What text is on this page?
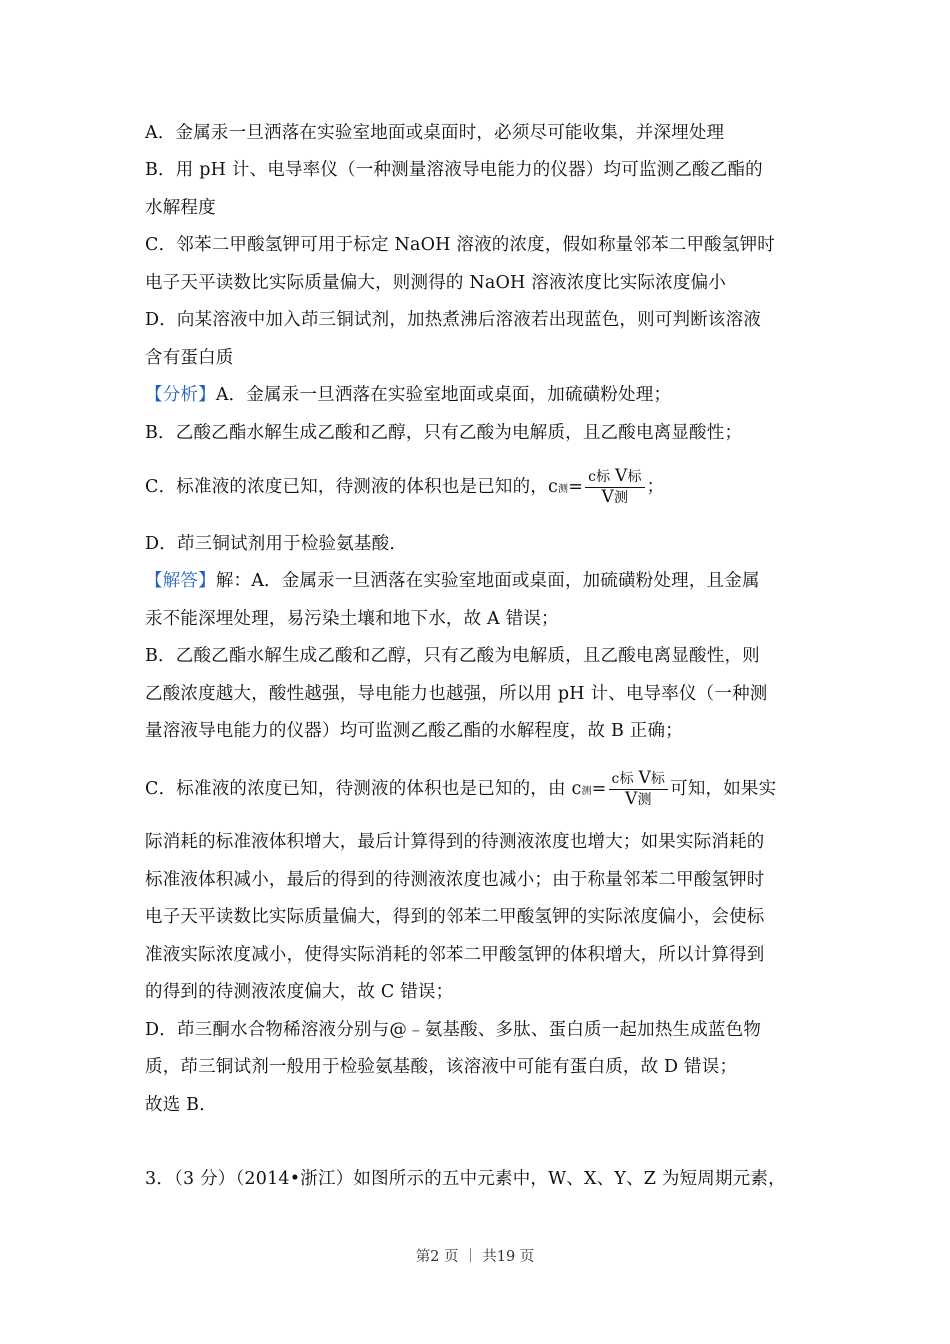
A．金属汞一旦洒落在实验室地面或桌面时，必须尽可能收集，并深埋处理
B．用 pH 计、电导率仪（一种测量溶液导电能力的仪器）均可监测乙酸乙酯的
水解程度
C．邻苯二甲酸氢钾可用于标定 NaOH 溶液的浓度，假如称量邻苯二甲酸氢钾时
电子天平读数比实际质量偏大，则测得的 NaOH 溶液浓度比实际浓度偏小
D．向某溶液中加入茚三铜试剂，加热煮沸后溶液若出现蓝色，则可判断该溶液
含有蛋白质
【分析】A．金属汞一旦洒落在实验室地面或桌面，加硫磺粉处理；
B．乙酸乙酯水解生成乙酸和乙醇，只有乙酸为电解质，且乙酸电离显酸性；
C．标准液的浓度已知，待测液的体积也是已知的，c测= $\frac{\text{c标 V标}}{\text{V测}}$ ；
D．茚三铜试剂用于检验氨基酸．
【解答】解：A．金属汞一旦洒落在实验室地面或桌面，加硫磺粉处理，且金属
汞不能深埋处理，易污染土壤和地下水，故 A 错误；
B．乙酸乙酯水解生成乙酸和乙醇，只有乙酸为电解质，且乙酸电离显酸性，则
乙酸浓度越大，酸性越强，导电能力也越强，所以用 pH 计、电导率仪（一种测
量溶液导电能力的仪器）均可监测乙酸乙酯的水解程度，故 B 正确；
C．标准液的浓度已知，待测液的体积也是已知的，由 c测= $\frac{\text{c标 V标}}{\text{V测}}$ 可知，如果实
际消耗的标准液体积增大，最后计算得到的待测液浓度也增大；如果实际消耗的
标准液体积减小，最后的得到的待测液浓度也减小；由于称量邻苯二甲酸氢钾时
电子天平读数比实际质量偏大，得到的邻苯二甲酸氢钾的实际浓度偏小，会使标
准液实际浓度减小，使得实际消耗的邻苯二甲酸氢钾的体积增大，所以计算得到
的得到的待测液浓度偏大，故 C 错误；
D．茚三酮水合物稀溶液分别与@﹣氨基酸、多肽、蛋白质一起加热生成蓝色物
质，茚三铜试剂一般用于检验氨基酸，该溶液中可能有蛋白质，故 D 错误；
故选 B．
3．（3 分）（2014•浙江）如图所示的五中元素中，W、X、Y、Z 为短周期元素，
第2 页 ｜ 共19 页
